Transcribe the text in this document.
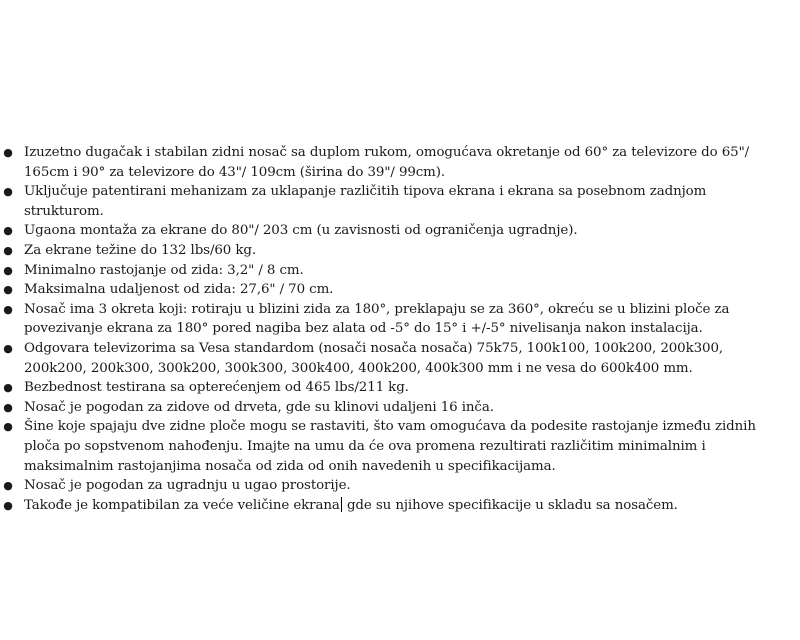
● Izuzetno dugačak i stabilan zidni nosač sa duplom rukom, omogućava okretanje od 60° za televizore do 65"/ 165cm i 90° za televizore do 43"/ 109cm (širina do 39"/ 99cm).
● Uključuje patentirani mehanizam za uklapanje različitih tipova ekrana i ekrana sa posebnom zadnjom strukturom.
● Ugaona montaža za ekrane do 80"/ 203 cm (u zavisnosti od ograničenja ugradnje).
● Za ekrane težine do 132 lbs/60 kg.
● Minimalno rastojanje od zida: 3,2" / 8 cm.
● Maksimalna udaljenost od zida: 27,6" / 70 cm.
● Nosač ima 3 okreta koji: rotiraju u blizini zida za 180°, preklapaju se za 360°, okreću se u blizini ploče za povezivanje ekrana za 180° pored nagiba bez alata od -5° do 15° i +/-5° nivelisanja nakon instalacija.
● Odgovara televizorima sa Vesa standardom (nosači nosača nosača) 75k75, 100k100, 100k200, 200k300, 200k200, 200k300, 300k200, 300k300, 300k400, 400k200, 400k300 mm i ne vesa do 600k400 mm.
● Bezbednost testirana sa opterećenjem od 465 lbs/211 kg.
● Nosač je pogodan za zidove od drveta, gde su klinovi udaljeni 16 inča.
● Šine koje spajaju dve zidne ploče mogu se rastaviti, što vam omogućava da podesite rastojanje između zidnih ploča po sopstvenom nahođenju. Imajte na umu da će ova promena rezultirati različitim minimalnim i maksimalnim rastojanjima nosača od zida od onih navedenih u specifikacijama.
● Nosač je pogodan za ugradnju u ugao prostorije.
● Takođe je kompatibilan za veće veličine ekrana gde su njihove specifikacije u skladu sa nosačem.
